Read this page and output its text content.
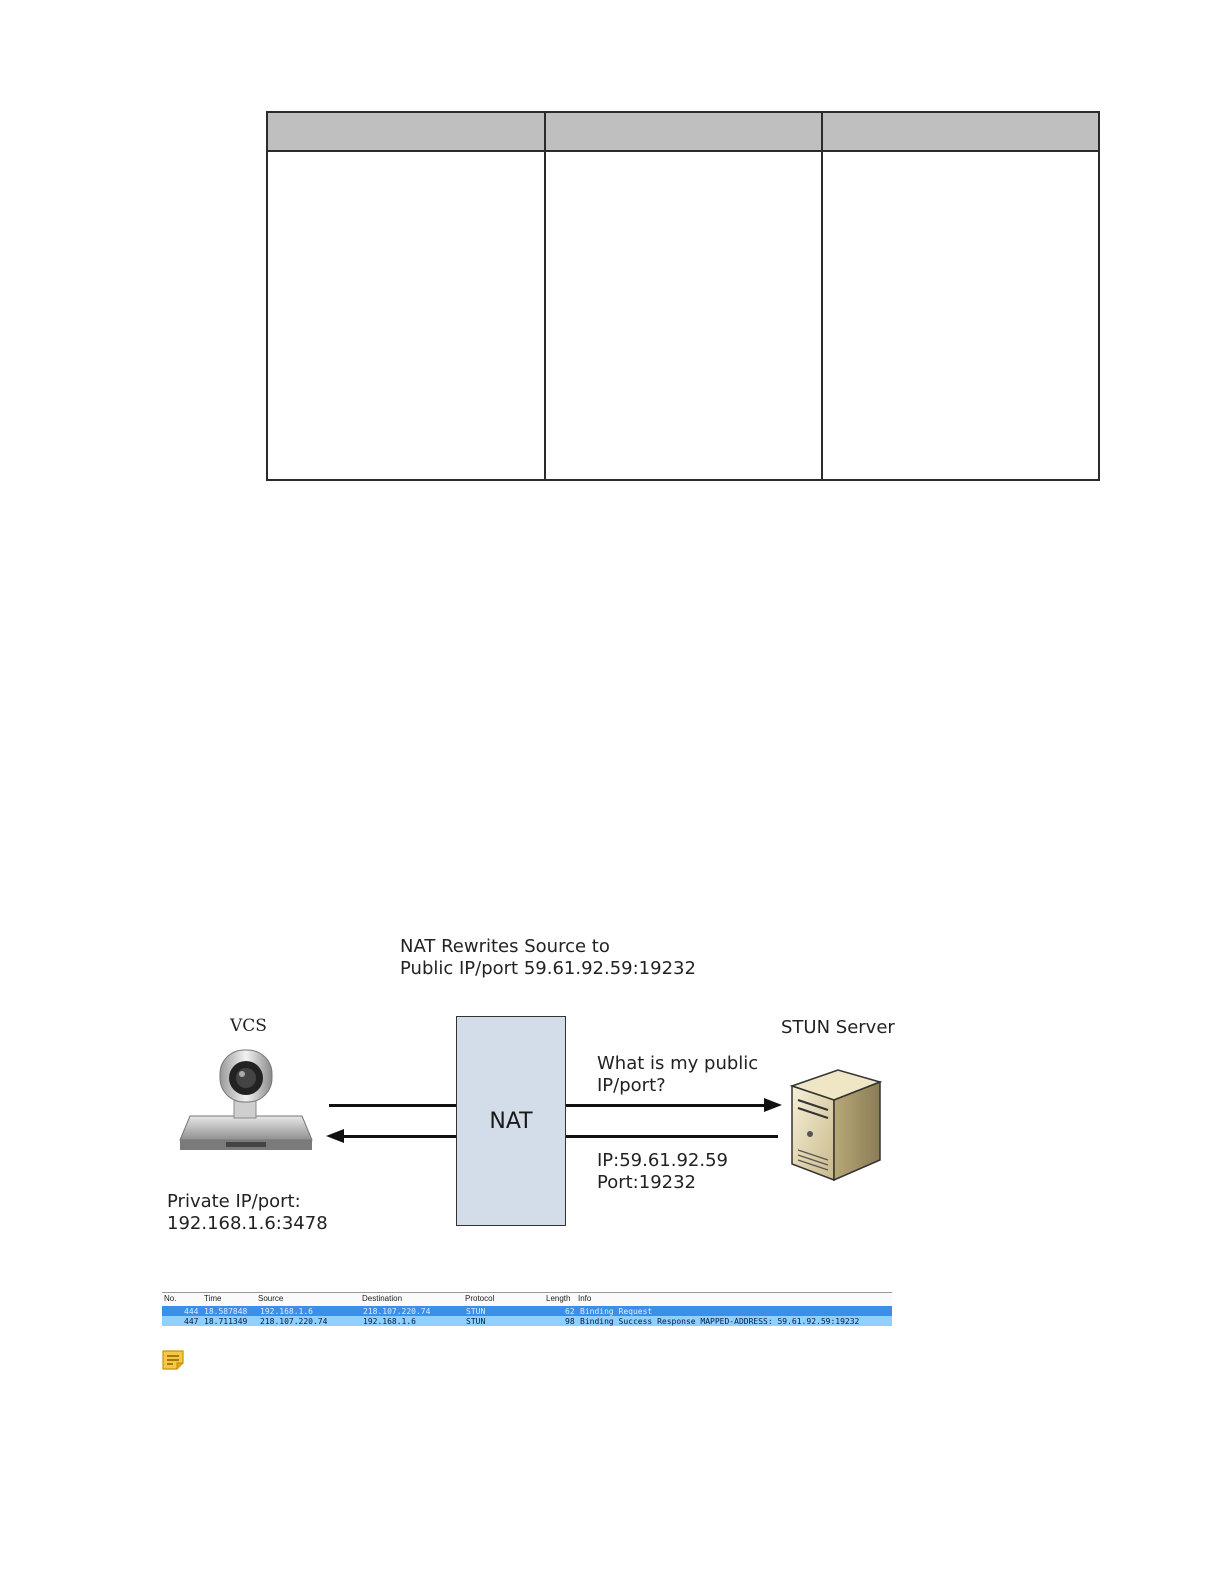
NAT Rewrites Source to
Public IP/port 59.61.92.59:19232
VCS
NAT
What is my public
IP/port?
IP:59.61.92.59
Port:19232
STUN Server
Private IP/port:
192.168.1.6:3478
No.	Time	Source	Destination	Protocol	Length Info
444 18.587848 192.168.1.6	218.107.220.74	STUN	62 Binding Request
447 18.711349 218.107.220.74	192.168.1.6	STUN	98 Binding Success Response MAPPED-ADDRESS: 59.61.92.59:19232
